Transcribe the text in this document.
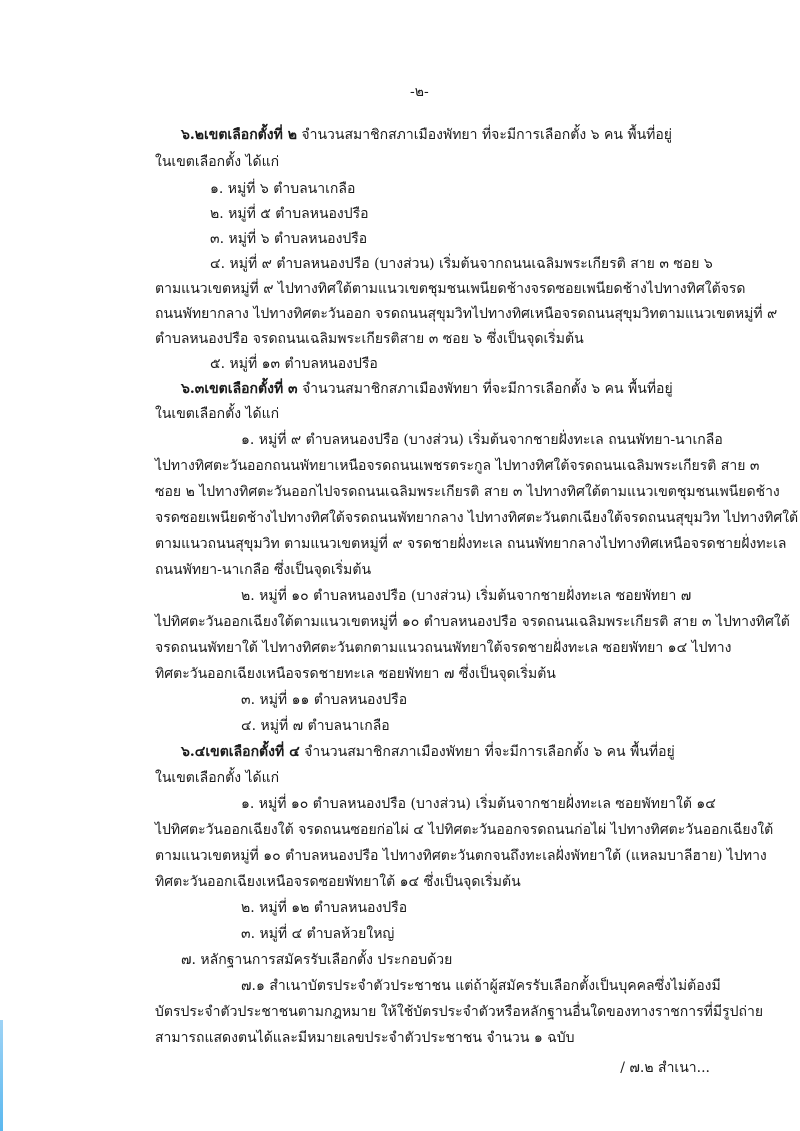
-๒-
๖.๒เขตเลือกตั้งที่ ๒ จำนวนสมาชิกสภาเมืองพัทยา ที่จะมีการเลือกตั้ง ๖ คน พื้นที่อยู่
ในเขตเลือกตั้ง ได้แก่
๑. หมู่ที่ ๖ ตำบลนาเกลือ
๒. หมู่ที่ ๕ ตำบลหนองปรือ
๓. หมู่ที่ ๖ ตำบลหนองปรือ
๔. หมู่ที่ ๙ ตำบลหนองปรือ (บางส่วน) เริ่มต้นจากถนนเฉลิมพระเกียรติ สาย ๓ ซอย ๖
ตามแนวเขตหมู่ที่ ๙ ไปทางทิศใต้ตามแนวเขตชุมชนเพนียดช้างจรดซอยเพนียดช้างไปทางทิศใต้จรด
ถนนพัทยากลาง ไปทางทิศตะวันออก จรดถนนสุขุมวิทไปทางทิศเหนือจรดถนนสุขุมวิทตามแนวเขตหมู่ที่ ๙
ตำบลหนองปรือ จรดถนนเฉลิมพระเกียรติสาย ๓ ซอย ๖ ซึ่งเป็นจุดเริ่มต้น
๕. หมู่ที่ ๑๓ ตำบลหนองปรือ
๖.๓เขตเลือกตั้งที่ ๓ จำนวนสมาชิกสภาเมืองพัทยา ที่จะมีการเลือกตั้ง ๖ คน พื้นที่อยู่
ในเขตเลือกตั้ง ได้แก่
๑. หมู่ที่ ๙ ตำบลหนองปรือ (บางส่วน) เริ่มต้นจากชายฝั่งทะเล ถนนพัทยา-นาเกลือ
ไปทางทิศตะวันออกถนนพัทยาเหนือจรดถนนเพชรตระกูล ไปทางทิศใต้จรดถนนเฉลิมพระเกียรติ สาย ๓
ซอย ๒ ไปทางทิศตะวันออกไปจรดถนนเฉลิมพระเกียรติ สาย ๓ ไปทางทิศใต้ตามแนวเขตชุมชนเพนียดช้าง
จรดซอยเพนียดช้างไปทางทิศใต้จรดถนนพัทยากลาง ไปทางทิศตะวันตกเฉียงใต้จรดถนนสุขุมวิท ไปทางทิศใต้
ตามแนวถนนสุขุมวิท ตามแนวเขตหมู่ที่ ๙ จรดชายฝั่งทะเล ถนนพัทยากลางไปทางทิศเหนือจรดชายฝั่งทะเล
ถนนพัทยา-นาเกลือ ซึ่งเป็นจุดเริ่มต้น
๒. หมู่ที่ ๑๐ ตำบลหนองปรือ (บางส่วน) เริ่มต้นจากชายฝั่งทะเล ซอยพัทยา ๗
ไปทิศตะวันออกเฉียงใต้ตามแนวเขตหมู่ที่ ๑๐ ตำบลหนองปรือ จรดถนนเฉลิมพระเกียรติ สาย ๓ ไปทางทิศใต้
จรดถนนพัทยาใต้ ไปทางทิศตะวันตกตามแนวถนนพัทยาใต้จรดชายฝั่งทะเล ซอยพัทยา ๑๔ ไปทาง
ทิศตะวันออกเฉียงเหนือจรดชายทะเล ซอยพัทยา ๗ ซึ่งเป็นจุดเริ่มต้น
๓. หมู่ที่ ๑๑ ตำบลหนองปรือ
๔. หมู่ที่ ๗ ตำบลนาเกลือ
๖.๔เขตเลือกตั้งที่ ๔ จำนวนสมาชิกสภาเมืองพัทยา ที่จะมีการเลือกตั้ง ๖ คน พื้นที่อยู่
ในเขตเลือกตั้ง ได้แก่
๑. หมู่ที่ ๑๐ ตำบลหนองปรือ (บางส่วน) เริ่มต้นจากชายฝั่งทะเล ซอยพัทยาใต้ ๑๔
ไปทิศตะวันออกเฉียงใต้ จรดถนนซอยก่อไผ่ ๔ ไปทิศตะวันออกจรดถนนก่อไผ่ ไปทางทิศตะวันออกเฉียงใต้
ตามแนวเขตหมู่ที่ ๑๐ ตำบลหนองปรือ ไปทางทิศตะวันตกจนถึงทะเลฝั่งพัทยาใต้ (แหลมบาลีฮาย) ไปทาง
ทิศตะวันออกเฉียงเหนือจรดซอยพัทยาใต้ ๑๔ ซึ่งเป็นจุดเริ่มต้น
๒. หมู่ที่ ๑๒ ตำบลหนองปรือ
๓. หมู่ที่ ๔ ตำบลห้วยใหญ่
๗. หลักฐานการสมัครรับเลือกตั้ง ประกอบด้วย
๗.๑ สำเนาบัตรประจำตัวประชาชน แต่ถ้าผู้สมัครรับเลือกตั้งเป็นบุคคลซึ่งไม่ต้องมี
บัตรประจำตัวประชาชนตามกฎหมาย ให้ใช้บัตรประจำตัวหรือหลักฐานอื่นใดของทางราชการที่มีรูปถ่าย
สามารถแสดงตนได้และมีหมายเลขประจำตัวประชาชน จำนวน ๑ ฉบับ
/ ๗.๒ สำเนา...
